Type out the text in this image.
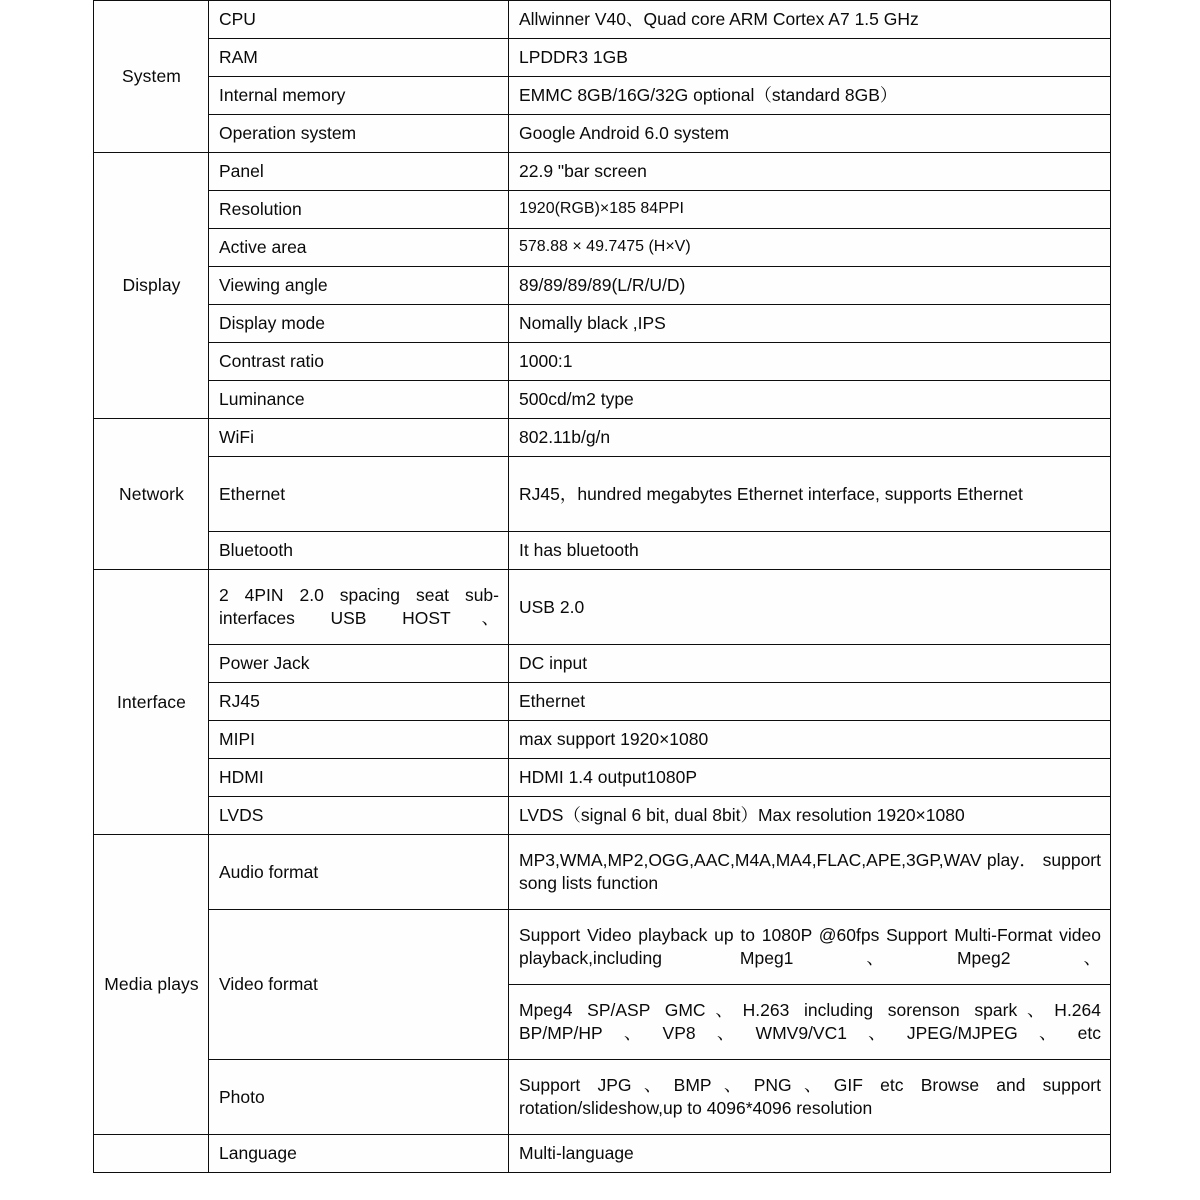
System	CPU	Allwinner V40、Quad core ARM Cortex A7 1.5 GHz
	RAM	LPDDR3 1GB
	Internal memory	EMMC 8GB/16G/32G optional（standard 8GB）
	Operation system	Google Android 6.0 system

Display	Panel	22.9 "bar screen
	Resolution	1920(RGB)×185 84PPI
	Active area	578.88 × 49.7475 (H×V)
	Viewing angle	89/89/89/89(L/R/U/D)
	Display mode	Nomally black ,IPS
	Contrast ratio	1000:1
	Luminance	500cd/m2 type

Network	WiFi	802.11b/g/n
	Ethernet	RJ45，hundred megabytes Ethernet interface, supports Ethernet

	Bluetooth	It has bluetooth

Interface	2 4PIN 2.0 spacing seat sub-interfaces USB HOST、	USB 2.0
	Power Jack	DC input
	RJ45	Ethernet
	MIPI	max support 1920×1080
	HDMI	HDMI 1.4 output1080P
	LVDS	LVDS（signal 6 bit, dual 8bit）Max resolution 1920×1080

Media plays	Audio format	MP3,WMA,MP2,OGG,AAC,M4A,MA4,FLAC,APE,3GP,WAV play． support song lists function

	Video format	Support Video playback up to 1080P @60fps Support Multi-Format video playback,including Mpeg1、Mpeg2、

		Mpeg4 SP/ASP GMC、H.263 including sorenson spark、H.264 BP/MP/HP、VP8、WMV9/VC1、JPEG/MJPEG、etc

	Photo	Support JPG、BMP、PNG、GIF etc Browse and support rotation/slideshow,up to 4096*4096 resolution

	Language	Multi-language
